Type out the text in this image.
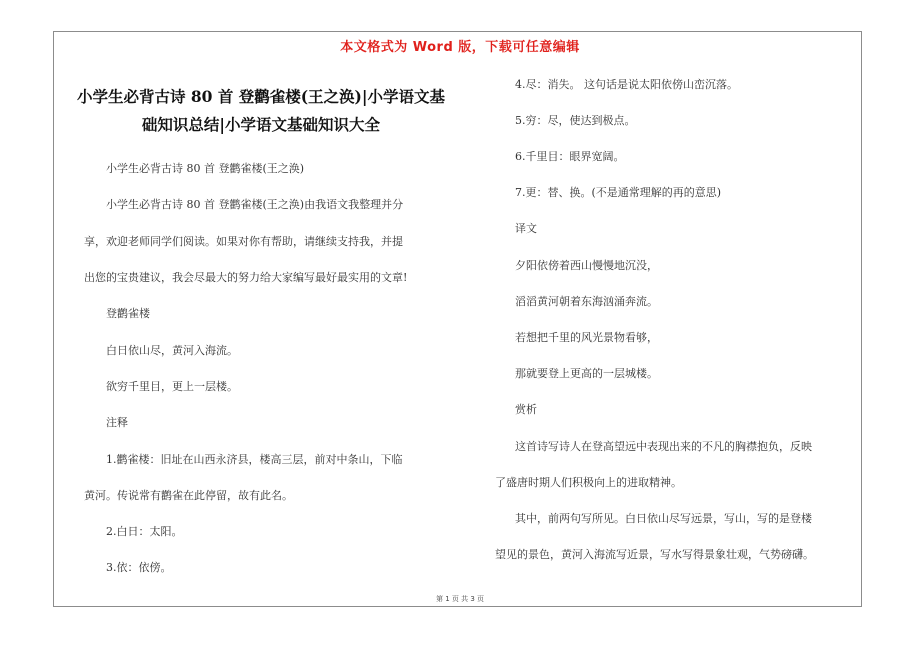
本文格式为 Word 版，下载可任意编辑
小学生必背古诗 80 首 登鹳雀楼(王之涣)|小学语文基
础知识总结|小学语文基础知识大全
小学生必背古诗 80 首 登鹳雀楼(王之涣)
小学生必背古诗 80 首 登鹳雀楼(王之涣)由我语文我整理并分
享，欢迎老师同学们阅读。如果对你有帮助，请继续支持我，并提
出您的宝贵建议，我会尽最大的努力给大家编写最好最实用的文章!
登鹳雀楼
白日依山尽，黄河入海流。
欲穷千里目，更上一层楼。
注释
1.鹳雀楼：旧址在山西永济县，楼高三层，前对中条山，下临
黄河。传说常有鹳雀在此停留，故有此名。
2.白日：太阳。
3.依：依傍。
4.尽：消失。 这句话是说太阳依傍山峦沉落。
5.穷：尽，使达到极点。
6.千里目：眼界宽阔。
7.更：替、换。(不是通常理解的再的意思)
译文
夕阳依傍着西山慢慢地沉没，
滔滔黄河朝着东海汹涌奔流。
若想把千里的风光景物看够，
那就要登上更高的一层城楼。
赏析
这首诗写诗人在登高望远中表现出来的不凡的胸襟抱负，反映
了盛唐时期人们积极向上的进取精神。
其中，前两句写所见。白日依山尽写远景，写山，写的是登楼
望见的景色，黄河入海流写近景，写水写得景象壮观，气势磅礴。
第 1 页 共 3 页
